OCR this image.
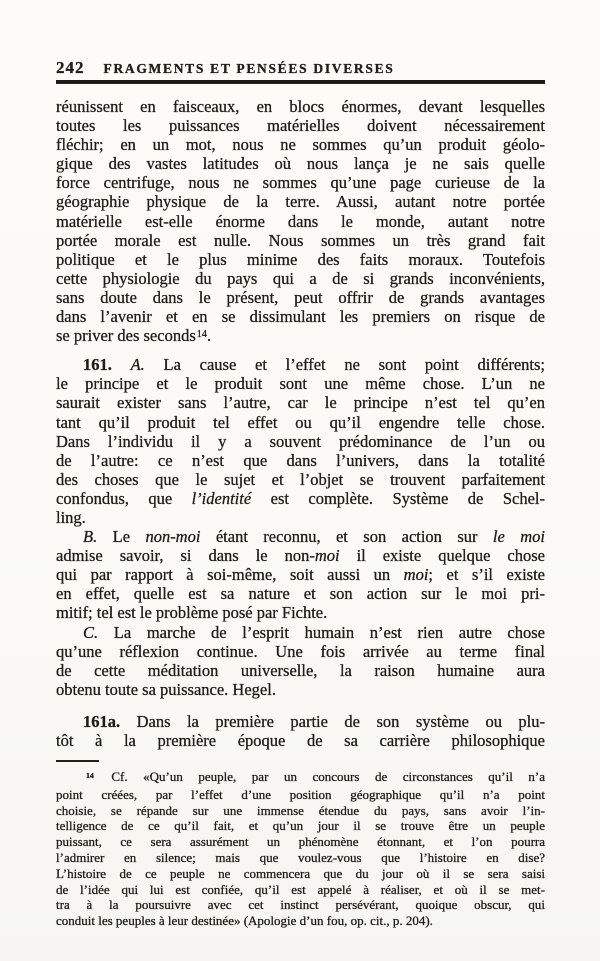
242 FRAGMENTS ET PENSÉES DIVERSES
réunissent en faisceaux, en blocs énormes, devant lesquelles
toutes les puissances matérielles doivent nécessairement
fléchir; en un mot, nous ne sommes qu’un produit géolo-
gique des vastes latitudes où nous lança je ne sais quelle
force centrifuge, nous ne sommes qu’une page curieuse de la
géographie physique de la terre. Aussi, autant notre portée
matérielle est-elle énorme dans le monde, autant notre
portée morale est nulle. Nous sommes un très grand fait
politique et le plus minime des faits moraux. Toutefois
cette physiologie du pays qui a de si grands inconvénients,
sans doute dans le présent, peut offrir de grands avantages
dans l’avenir et en se dissimulant les premiers on risque de
se priver des seconds$^{14}$.
161. A. La cause et l’effet ne sont point différents;
le principe et le produit sont une même chose. L’un ne
saurait exister sans l’autre, car le principe n’est tel qu’en
tant qu’il produit tel effet ou qu’il engendre telle chose.
Dans l’individu il y a souvent prédominance de l’un ou
de l’autre: ce n’est que dans l’univers, dans la totalité
des choses que le sujet et l’objet se trouvent parfaitement
confondus, que l’identité est complète. Système de Schel-
ling.
B. Le non-moi étant reconnu, et son action sur le moi
admise savoir, si dans le non-moi il existe quelque chose
qui par rapport à soi-même, soit aussi un moi; et s’il existe
en effet, quelle est sa nature et son action sur le moi pri-
mitif; tel est le problème posé par Fichte.
C. La marche de l’esprit humain n’est rien autre chose
qu’une réflexion continue. Une fois arrivée au terme final
de cette méditation universelle, la raison humaine aura
obtenu toute sa puissance. Hegel.
161a. Dans la première partie de son système ou plu-
tôt à la première époque de sa carrière philosophique
$^{14}$ Cf. «Qu’un peuple, par un concours de circonstances qu’il n’a
point créées, par l’effet d’une position géographique qu’il n’a point
choisie, se répande sur une immense étendue du pays, sans avoir l’in-
telligence de ce qu’il fait, et qu’un jour il se trouve être un peuple
puissant, ce sera assurément un phénomène étonnant, et l’on pourra
l’admirer en silence; mais que voulez-vous que l’histoire en dise?
L’histoire de ce peuple ne commencera que du jour où il se sera saisi
de l’idée qui lui est confiée, qu’il est appelé à réaliser, et où il se met-
tra à la poursuivre avec cet instinct persévérant, quoique obscur, qui
conduit les peuples à leur destinée» (Apologie d’un fou, op. cit., p. 204).
